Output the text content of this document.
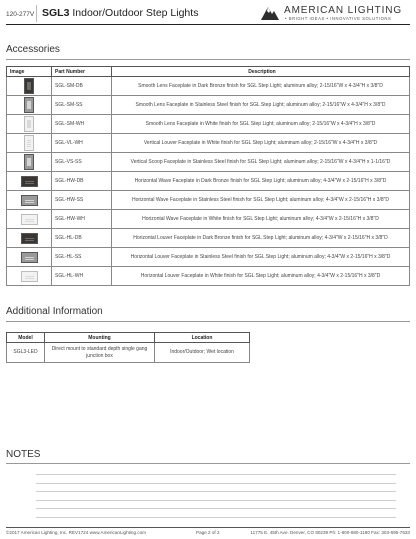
120-277V SGL3 Indoor/Outdoor Step Lights	AMERICAN LIGHTING
• BRIGHT IDEAS • INNOVATIVE SOLUTIONS
Accessories
Image	Part Number	Description

	SGL-SM-DB	Smooth Lens Faceplate in Dark Bronze finish for SGL Step Light; aluminum alloy; 2-15/16"W x 4-3/4"H x 3/8"D

	SGL-SM-SS	Smooth Lens Faceplate in Stainless Steel finish for SGL Step Light; aluminum alloy; 2-15/16"W x 4-3/4"H x 3/8"D

	SGL-SM-WH	Smooth Lens Faceplate in White finish for SGL Step Light; aluminum alloy; 2-15/16"W x 4-3/4"H x 3/8"D

	SGL-VL-WH	Vertical Louver Faceplate in White finish for SGL Step Light; aluminum alloy; 2-15/16"W x 4-3/4"H x 3/8"D

	SGL-VS-SS	Vertical Scoop Faceplate in Stainless Steel finish for SGL Step Light; aluminum alloy; 2-15/16"W x 4-3/4"H x 1-1/16"D

	SGL-HW-DB	Horizontal Wave Faceplate in Dark Bronze finish for SGL Step Light; aluminum alloy; 4-3/4"W x 2-15/16"H x 3/8"D

	SGL-HW-SS	Horizontal Wave Faceplate in Stainless Steel finish for SGL Step Light; aluminum alloy; 4-3/4"W x 2-15/16"H x 3/8"D

	SGL-HW-WH	Horizontal Wave Faceplate in White finish for SGL Step Light; aluminum alloy; 4-3/4"W x 2-15/16"H x 3/8"D

	SGL-HL-DB	Horizontal Louver Faceplate in Dark Bronze finish for SGL Step Light; aluminum alloy; 4-3/4"W x 2-15/16"H x 3/8"D

	SGL-HL-SS	Horizontal Louver Faceplate in Stainless Steel finish for SGL Step Light; aluminum alloy; 4-3/4"W x 2-15/16"H x 3/8"D

	SGL-HL-WH	Horizontal Louver Faceplate in White finish for SGL Step Light; aluminum alloy; 4-3/4"W x 2-15/16"H x 3/8"D
Additional Information
Model	Mounting	Location
SGL3-LED	Direct mount to standard depth single gang junction box	Indoor/Outdoor; Wet location
NOTES
©2017 American Lighting, Inc. REV1724 www.AmericanLighting.com	Page 2 of 2	11775 E. 45th Ave. Denver, CO 80239 Ph: 1-800-880-1180 Fax: 303-695-7633
